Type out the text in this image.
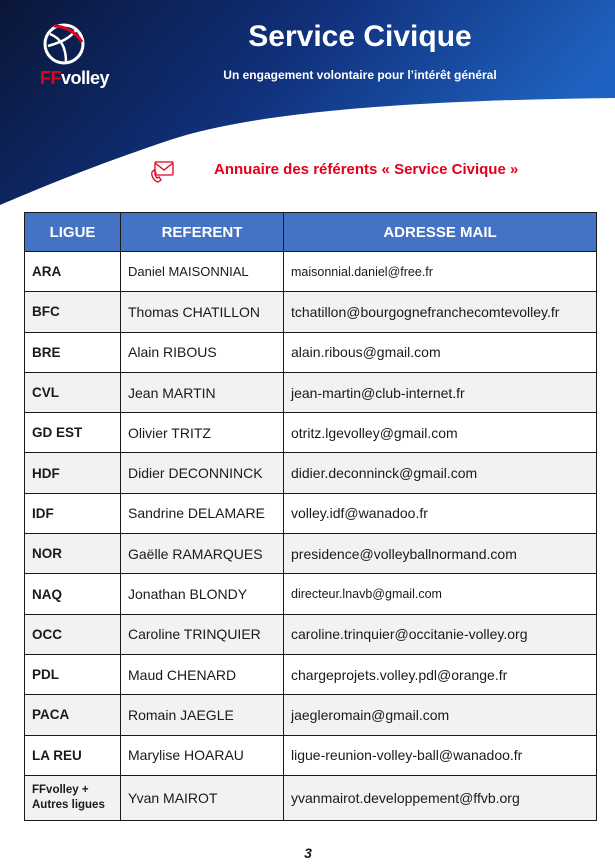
FFvolley
Service Civique
Un engagement volontaire pour l’intérêt général
Annuaire des référents « Service Civique »
LIGUE	REFERENT	ADRESSE MAIL
ARA	Daniel MAISONNIAL	maisonnial.daniel@free.fr
BFC	Thomas CHATILLON	tchatillon@bourgognefranchecomtevolley.fr
BRE	Alain RIBOUS	alain.ribous@gmail.com
CVL	Jean MARTIN	jean-martin@club-internet.fr
GD EST	Olivier TRITZ	otritz.lgevolley@gmail.com
HDF	Didier DECONNINCK	didier.deconninck@gmail.com
IDF	Sandrine DELAMARE	volley.idf@wanadoo.fr
NOR	Gaëlle RAMARQUES	presidence@volleyballnormand.com
NAQ	Jonathan BLONDY	directeur.lnavb@gmail.com
OCC	Caroline TRINQUIER	caroline.trinquier@occitanie-volley.org
PDL	Maud CHENARD	chargeprojets.volley.pdl@orange.fr
PACA	Romain JAEGLE	jaegleromain@gmail.com
LA REU	Marylise HOARAU	ligue-reunion-volley-ball@wanadoo.fr
FFvolley + Autres ligues	Yvan MAIROT	yvanmairot.developpement@ffvb.org
3
